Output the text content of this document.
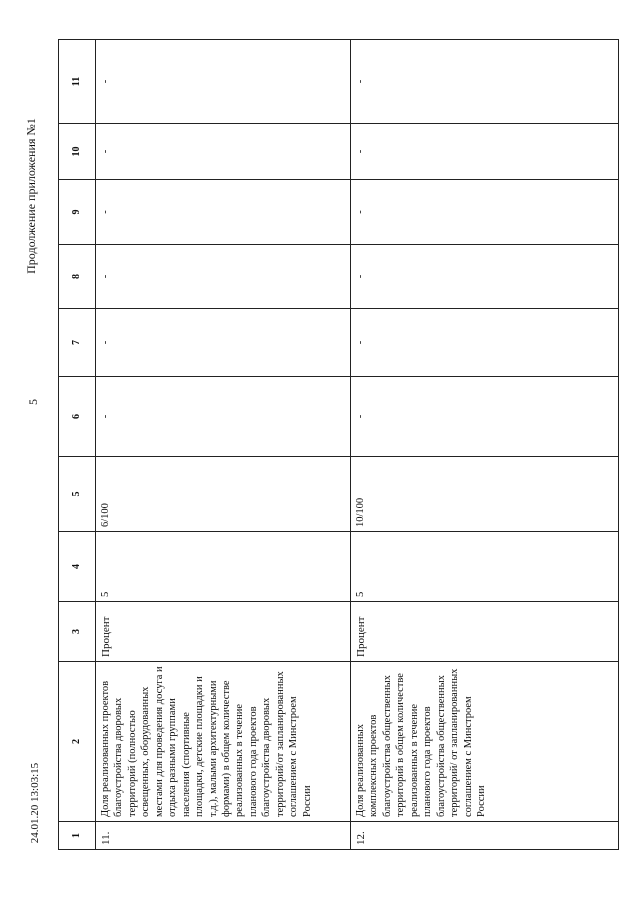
5
Продолжение приложения №1
24.01.20 13:03:15	1	2	3	4	5	6	7	8	9	10	11
11.	Доля реализованных проектов благоустройства дворовых территорий (полностью освещенных, оборудованных местами для проведения досуга и отдыха разными группами населения (спортивные площадки, детские площадки и т.д.), малыми архитектурными формами) в общем количестве реализованных в течение планового года проектов благоустройства дворовых территорий/от запланированных соглашением с Минстроем России	Процент	5	6/100	-	-	-	-	-	-
12.	Доля реализованных комплексных проектов благоустройства общественных территорий в общем количестве реализованных в течение планового года проектов благоустройства общественных территорий/ от запланированных соглашением с Минстроем России	Процент	5	10/100	-	-	-	-	-	-
